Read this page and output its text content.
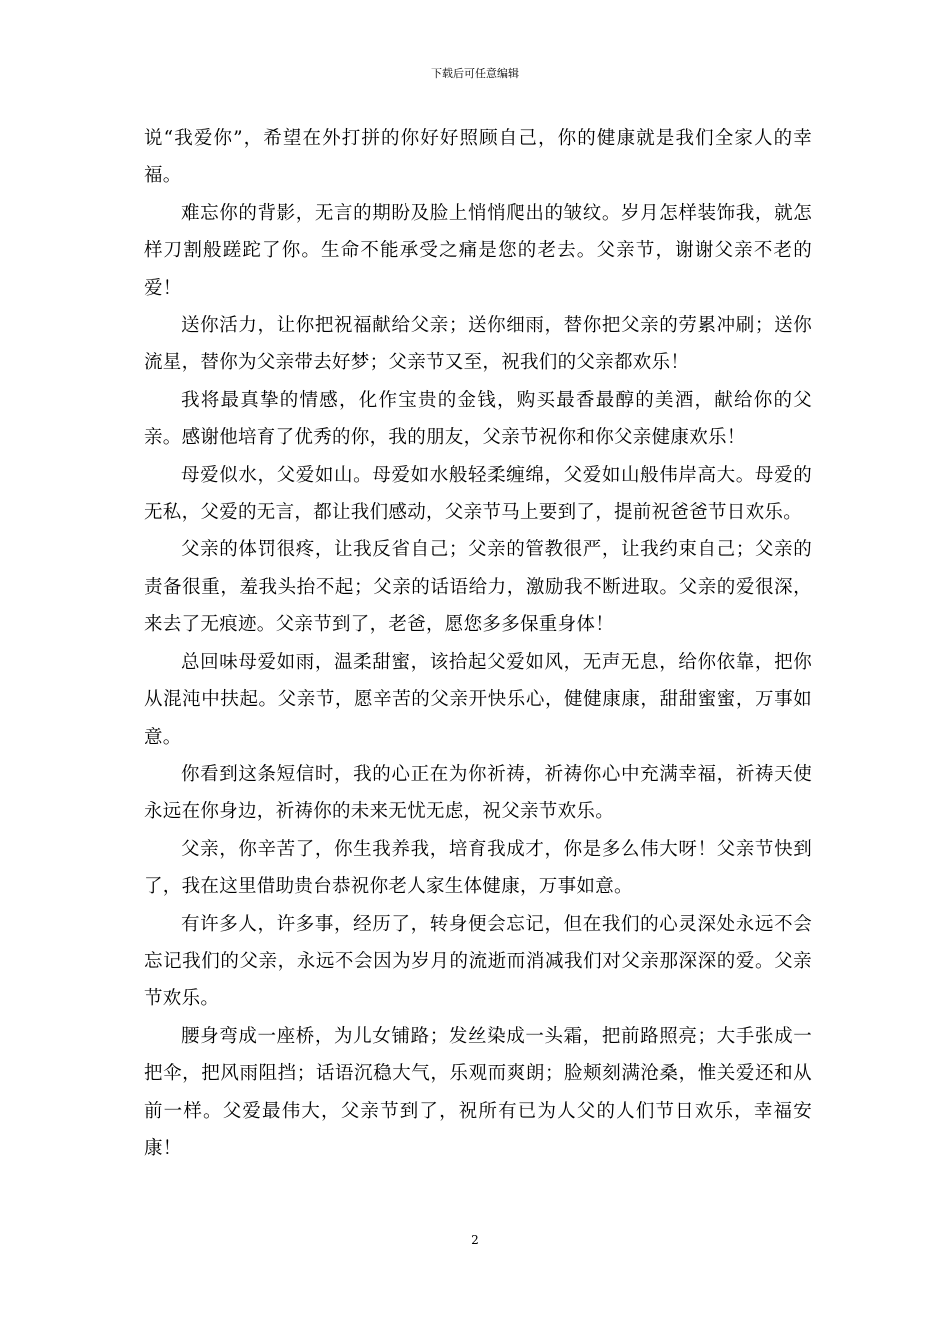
下载后可任意编辑

说“我爱你”，希望在外打拼的你好好照顾自己，你的健康就是我们全家人的幸福。

难忘你的背影，无言的期盼及脸上悄悄爬出的皱纹。岁月怎样装饰我，就怎样刀割般蹉跎了你。生命不能承受之痛是您的老去。父亲节，谢谢父亲不老的爱！

送你活力，让你把祝福献给父亲；送你细雨，替你把父亲的劳累冲刷；送你流星，替你为父亲带去好梦；父亲节又至，祝我们的父亲都欢乐！

我将最真挚的情感，化作宝贵的金钱，购买最香最醇的美酒，献给你的父亲。感谢他培育了优秀的你，我的朋友，父亲节祝你和你父亲健康欢乐！

母爱似水，父爱如山。母爱如水般轻柔缠绵，父爱如山般伟岸高大。母爱的无私，父爱的无言，都让我们感动，父亲节马上要到了，提前祝爸爸节日欢乐。

父亲的体罚很疼，让我反省自己；父亲的管教很严，让我约束自己；父亲的责备很重，羞我头抬不起；父亲的话语给力，激励我不断进取。父亲的爱很深，来去了无痕迹。父亲节到了，老爸，愿您多多保重身体！

总回味母爱如雨，温柔甜蜜，该拾起父爱如风，无声无息，给你依靠，把你从混沌中扶起。父亲节，愿辛苦的父亲开快乐心，健健康康，甜甜蜜蜜，万事如意。

你看到这条短信时，我的心正在为你祈祷，祈祷你心中充满幸福，祈祷天使永远在你身边，祈祷你的未来无忧无虑，祝父亲节欢乐。

父亲，你辛苦了，你生我养我，培育我成才，你是多么伟大呀！父亲节快到了，我在这里借助贵台恭祝你老人家生体健康，万事如意。

有许多人，许多事，经历了，转身便会忘记，但在我们的心灵深处永远不会忘记我们的父亲，永远不会因为岁月的流逝而消减我们对父亲那深深的爱。父亲节欢乐。

腰身弯成一座桥，为儿女铺路；发丝染成一头霜，把前路照亮；大手张成一把伞，把风雨阻挡；话语沉稳大气，乐观而爽朗；脸颊刻满沧桑，惟关爱还和从前一样。父爱最伟大，父亲节到了，祝所有已为人父的人们节日欢乐，幸福安康！

2
